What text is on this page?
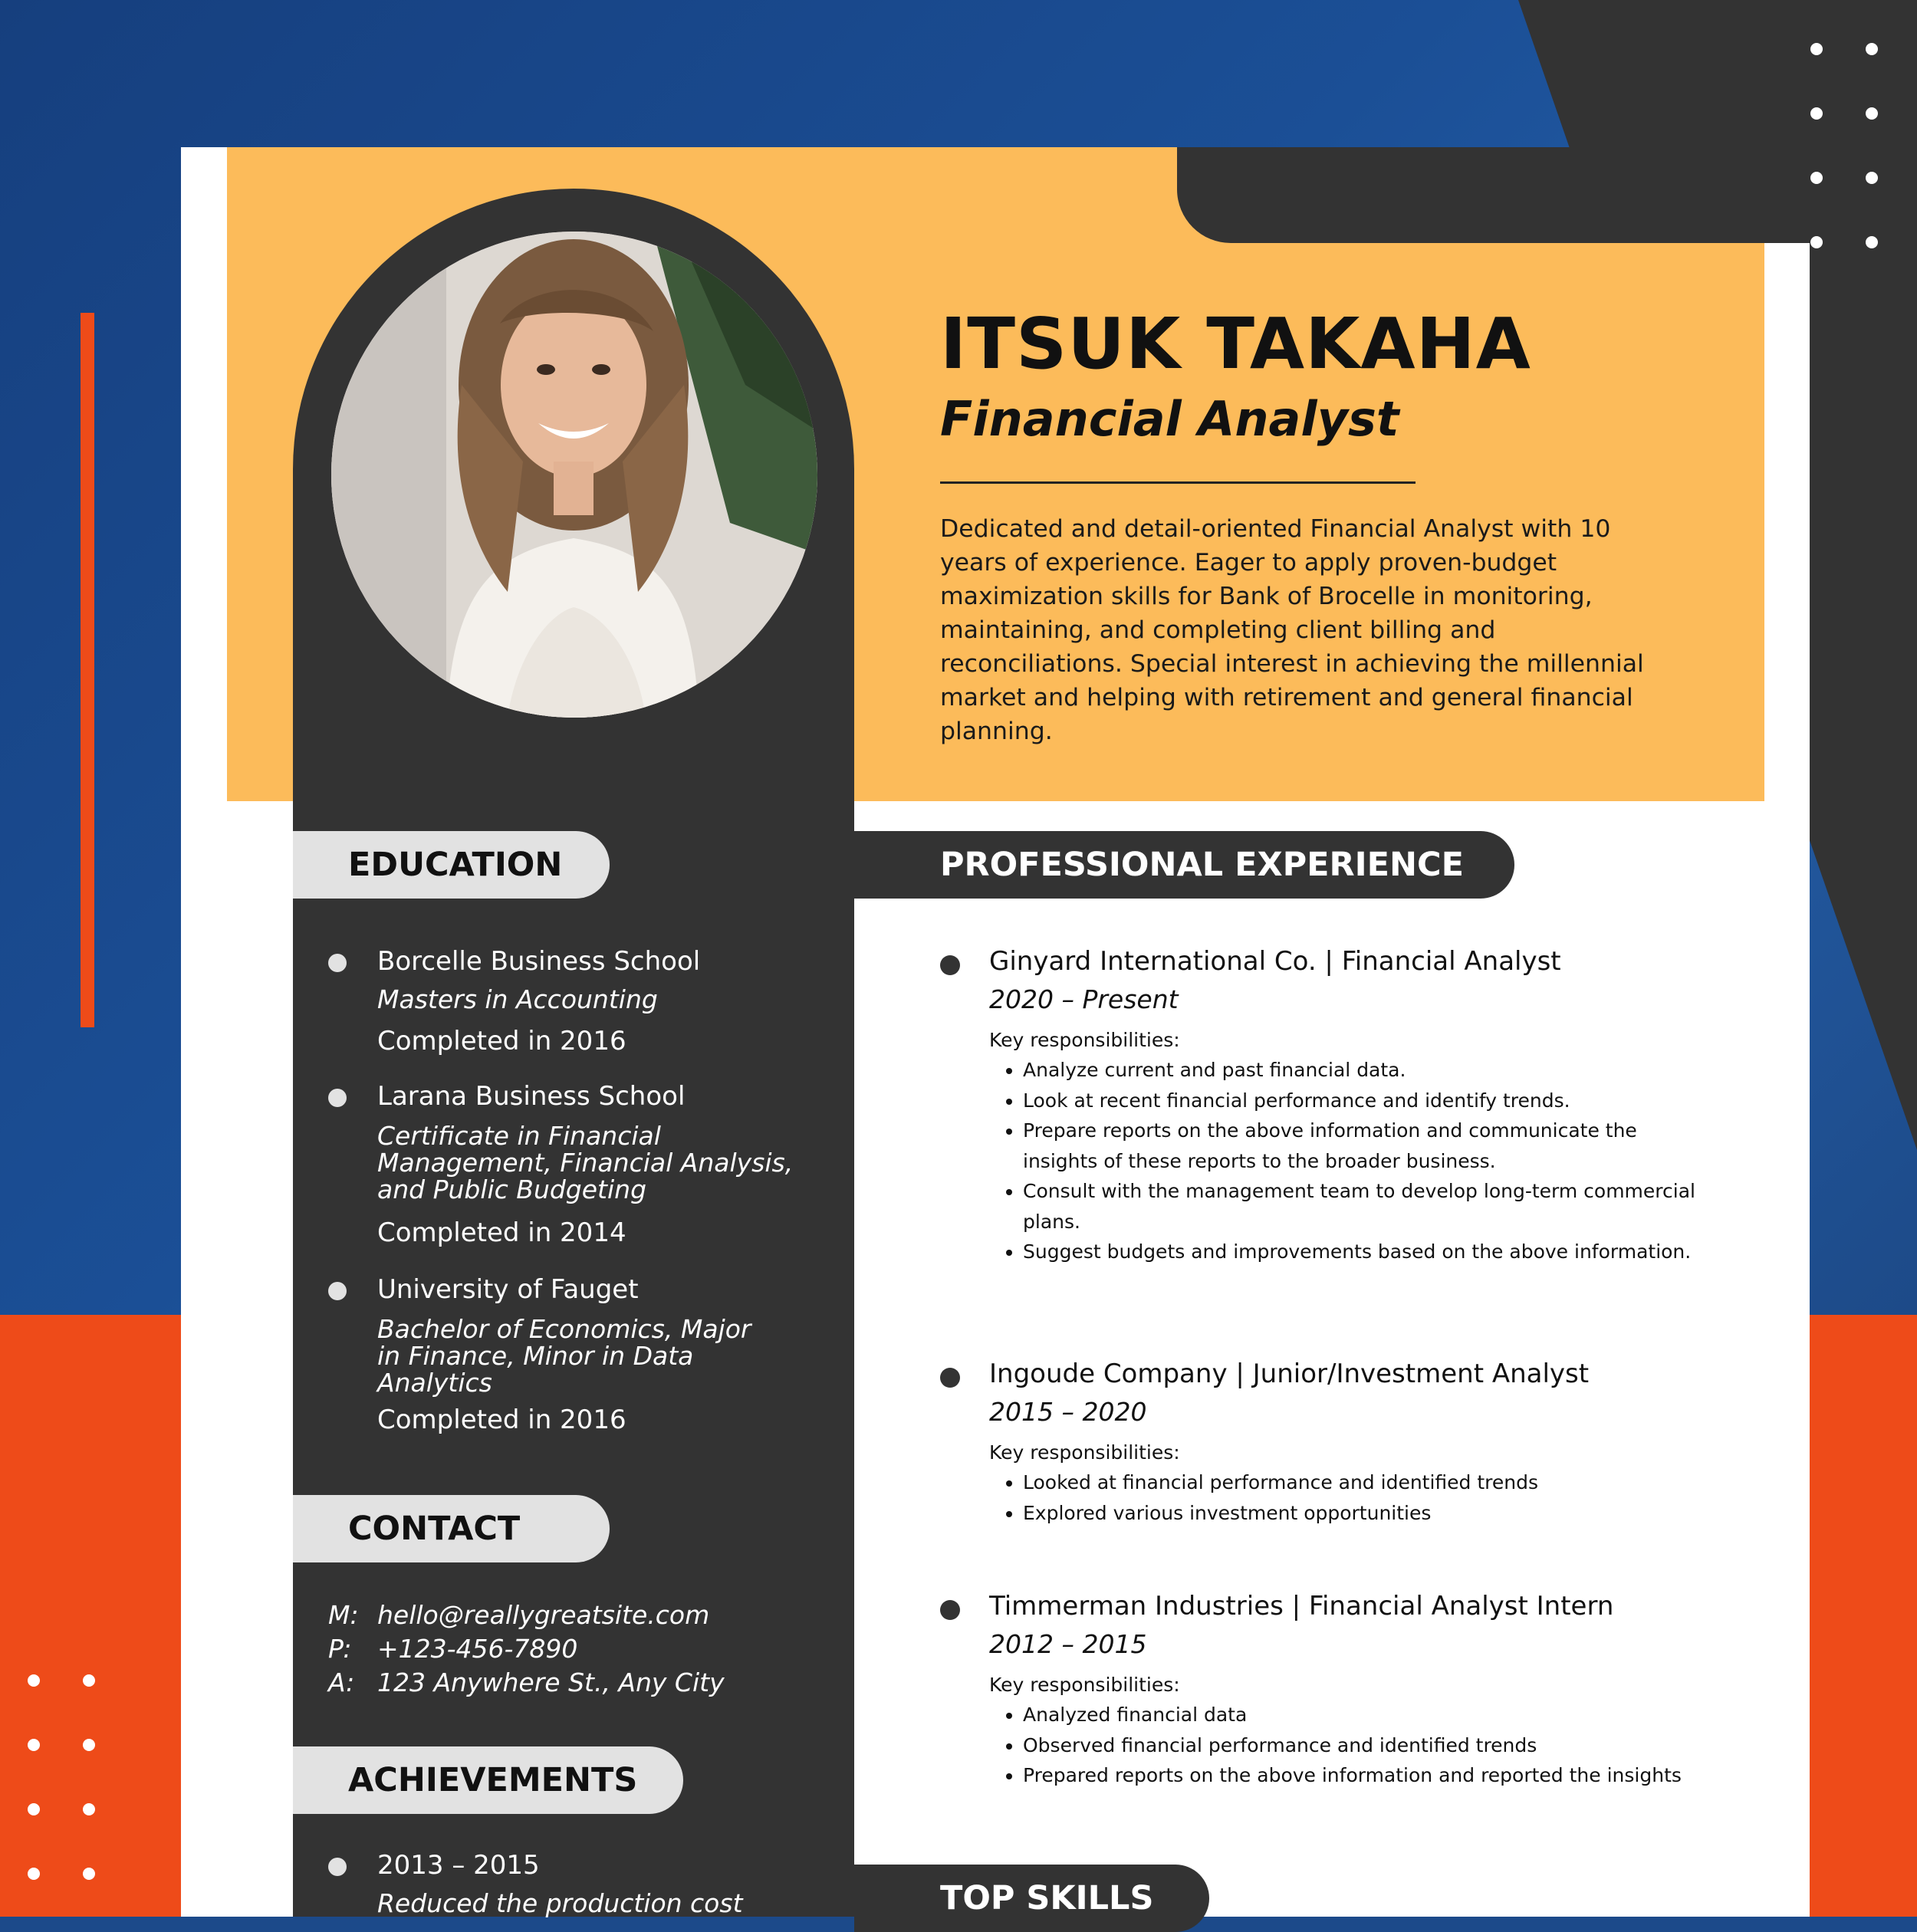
ITSUK TAKAHA
Financial Analyst

Dedicated and detail-oriented Financial Analyst with 10 years of experience. Eager to apply proven-budget maximization skills for Bank of Brocelle in monitoring, maintaining, and completing client billing and reconciliations. Special interest in achieving the millennial market and helping with retirement and general financial planning.

EDUCATION	PROFESSIONAL EXPERIENCE
CONTACT
ACHIEVEMENTS
TOP SKILLS
Borcelle Business School
Masters in Accounting
Completed in 2016
Larana Business School
Certificate in Financial Management, Financial Analysis, and Public Budgeting
Completed in 2014
University of Fauget
Bachelor of Economics, Major in Finance, Minor in Data Analytics
Completed in 2016
M: hello@reallygreatsite.com
P: +123-456-7890
A: 123 Anywhere St., Any City
2013 – 2015
Reduced the production cost
Ginyard International Co. | Financial Analyst
2020 – Present
Key responsibilities:
• Analyze current and past financial data.
• Look at recent financial performance and identify trends.
• Prepare reports on the above information and communicate the insights of these reports to the broader business.
• Consult with the management team to develop long-term commercial plans.
• Suggest budgets and improvements based on the above information.
Ingoude Company | Junior/Investment Analyst
2015 – 2020
Key responsibilities:
• Looked at financial performance and identified trends
• Explored various investment opportunities
Timmerman Industries | Financial Analyst Intern
2012 – 2015
Key responsibilities:
• Analyzed financial data
• Observed financial performance and identified trends
• Prepared reports on the above information and reported the insights
